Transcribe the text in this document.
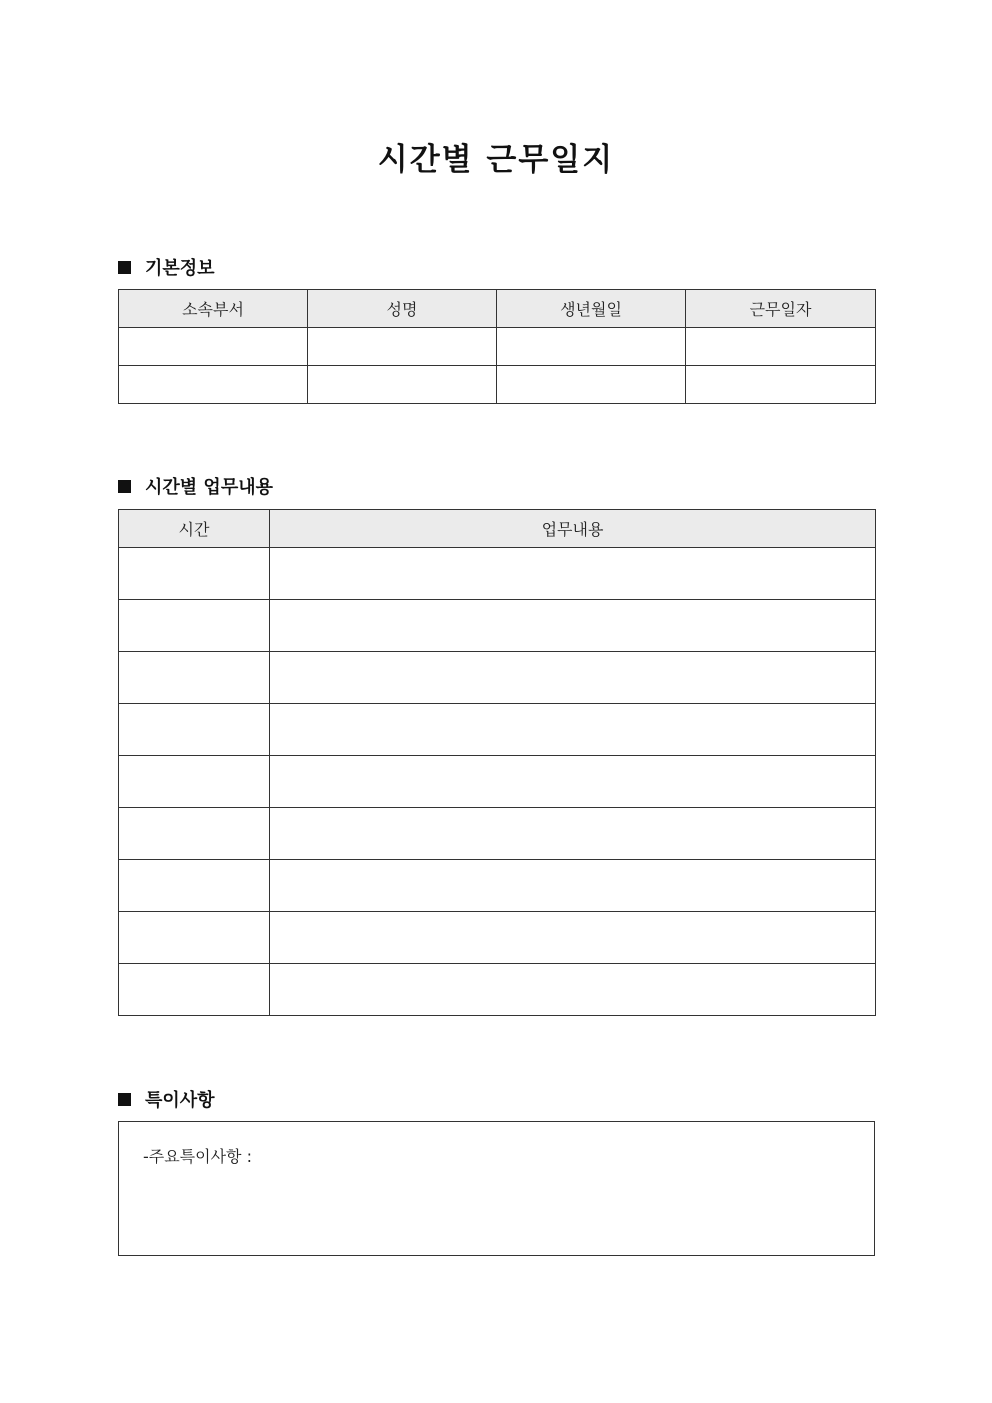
시간별 근무일지
기본정보
소속부서	성명	생년월일	근무일자

시간별 업무내용
시간	업무내용

특이사항
-주요특이사항 :
